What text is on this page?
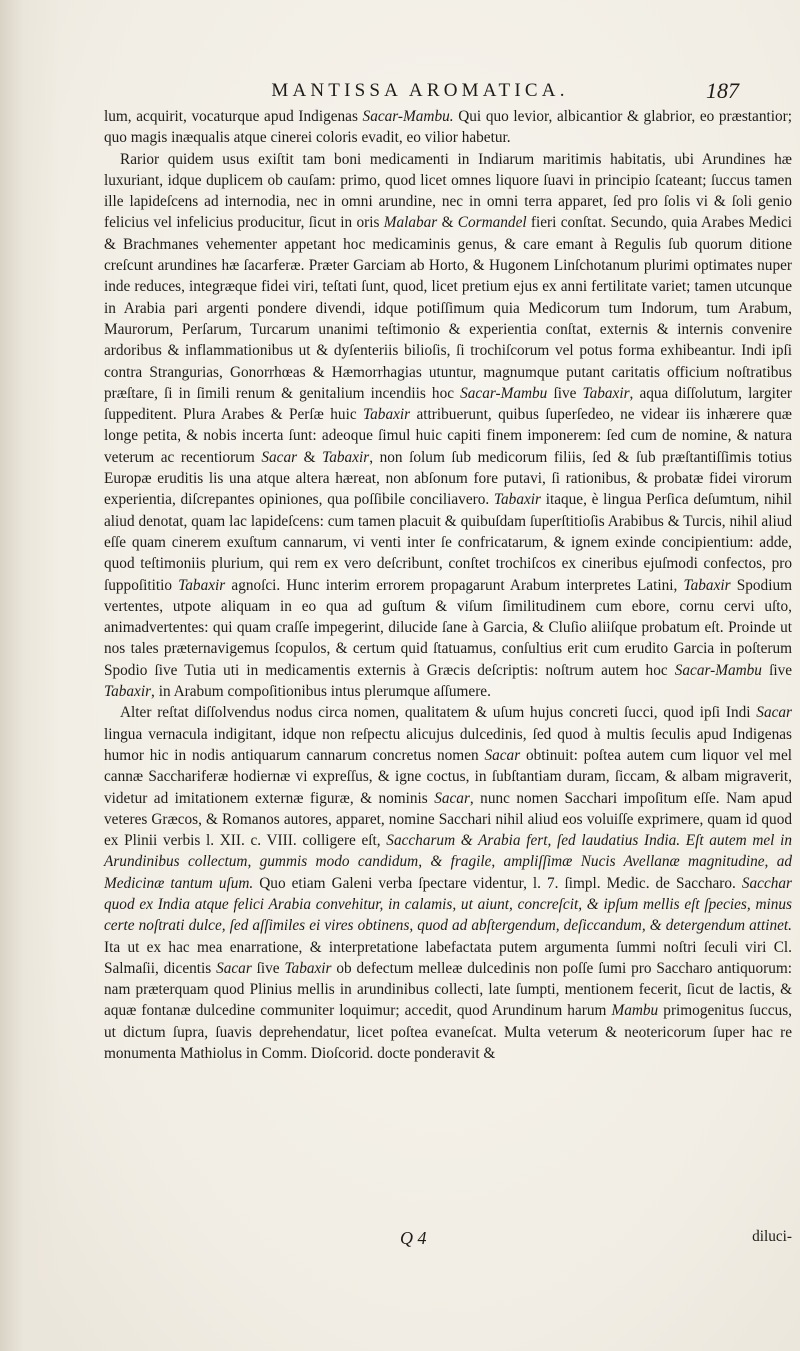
MANTISSA AROMATICA.	187

lum, acquirit, vocaturque apud Indigenas Sacar-Mambu. Qui quo levior, albicantior & glabrior, eo præstantior; quo magis inæqualis atque cinerei coloris evadit, eo vilior habetur.

Rarior quidem usus exiſtit tam boni medicamenti in Indiarum maritimis habitatis, ubi Arundines hæ luxuriant, idque duplicem ob cauſam: primo, quod licet omnes liquore ſuavi in principio ſcateant; ſuccus tamen ille lapideſcens ad internodia, nec in omni arundine, nec in omni terra apparet, ſed pro ſolis vi & ſoli genio felicius vel infelicius producitur, ſicut in oris Malabar & Cormandel fieri conſtat. Secundo, quia Arabes Medici & Brachmanes vehementer appetant hoc medicaminis genus, & care emant à Regulis ſub quorum ditione creſcunt arundines hæ ſacarferæ. Præter Garciam ab Horto, & Hugonem Linſchotanum plurimi optimates nuper inde reduces, integræque fidei viri, teſtati ſunt, quod, licet pretium ejus ex anni fertilitate variet; tamen utcunque in Arabia pari argenti pondere divendi, idque potiſſimum quia Medicorum tum Indorum, tum Arabum, Maurorum, Perſarum, Turcarum unanimi teſtimonio & experientia conſtat, externis & internis convenire ardoribus & inflammationibus ut & dyſenteriis bilioſis, ſi trochiſcorum vel potus forma exhibeantur. Indi ipſi contra Strangurias, Gonorrhœas & Hæmorrhagias utuntur, magnumque putant caritatis officium noſtratibus præſtare, ſi in ſimili renum & genitalium incendiis hoc Sacar-Mambu ſive Tabaxir, aqua diſſolutum, largiter ſuppeditent. Plura Arabes & Perſæ huic Tabaxir attribuerunt, quibus ſuperſedeo, ne videar iis inhærere quæ longe petita, & nobis incerta ſunt: adeoque ſimul huic capiti finem imponerem: ſed cum de nomine, & natura veterum ac recentiorum Sacar & Tabaxir, non ſolum ſub medicorum filiis, ſed & ſub præſtantiſſimis totius Europæ eruditis lis una atque altera hæreat, non abſonum fore putavi, ſi rationibus, & probatæ fidei virorum experientia, diſcrepantes opiniones, qua poſſibile conciliavero. Tabaxir itaque, è lingua Perſica deſumtum, nihil aliud denotat, quam lac lapideſcens: cum tamen placuit & quibuſdam ſuperſtitioſis Arabibus & Turcis, nihil aliud eſſe quam cinerem exuſtum cannarum, vi venti inter ſe confricatarum, & ignem exinde concipientium: adde, quod teſtimoniis plurium, qui rem ex vero deſcribunt, conſtet trochiſcos ex cineribus ejuſmodi confectos, pro ſuppoſititio Tabaxir agnoſci. Hunc interim errorem propagarunt Arabum interpretes Latini, Tabaxir Spodium vertentes, utpote aliquam in eo qua ad guſtum & viſum ſimilitudinem cum ebore, cornu cervi uſto, animadvertentes: qui quam craſſe impegerint, dilucide ſane à Garcia, & Cluſio aliiſque probatum eſt. Proinde ut nos tales præternavigemus ſcopulos, & certum quid ſtatuamus, conſultius erit cum erudito Garcia in poſterum Spodio ſive Tutia uti in medicamentis externis à Græcis deſcriptis: noſtrum autem hoc Sacar-Mambu ſive Tabaxir, in Arabum compoſitionibus intus plerumque aſſumere.

Alter reſtat diſſolvendus nodus circa nomen, qualitatem & uſum hujus concreti ſucci, quod ipſi Indi Sacar lingua vernacula indigitant, idque non reſpectu alicujus dulcedinis, ſed quod à multis ſeculis apud Indigenas humor hic in nodis antiquarum cannarum concretus nomen Sacar obtinuit: poſtea autem cum liquor vel mel cannæ Sacchariferæ hodiernæ vi expreſſus, & igne coctus, in ſubſtantiam duram, ſiccam, & albam migraverit, videtur ad imitationem externæ figuræ, & nominis Sacar, nunc nomen Sacchari impoſitum eſſe. Nam apud veteres Græcos, & Romanos autores, apparet, nomine Sacchari nihil aliud eos voluiſſe exprimere, quam id quod ex Plinii verbis l. XII. c. VIII. colligere eſt, Saccharum & Arabia fert, ſed laudatius India. Eſt autem mel in Arundinibus collectum, gummis modo candidum, & fragile, ampliſſimæ Nucis Avellanæ magnitudine, ad Medicinæ tantum uſum. Quo etiam Galeni verba ſpectare videntur, l. 7. ſimpl. Medic. de Saccharo. Sacchar quod ex India atque felici Arabia convehitur, in calamis, ut aiunt, concreſcit, & ipſum mellis eſt ſpecies, minus certe noſtrati dulce, ſed aſſimiles ei vires obtinens, quod ad abſtergendum, deſiccandum, & detergendum attinet. Ita ut ex hac mea enarratione, & interpretatione labefactata putem argumenta ſummi noſtri ſeculi viri Cl. Salmaſii, dicentis Sacar ſive Tabaxir ob defectum melleæ dulcedinis non poſſe ſumi pro Saccharo antiquorum: nam præterquam quod Plinius mellis in arundinibus collecti, late ſumpti, mentionem fecerit, ſicut de lactis, & aquæ fontanæ dulcedine communiter loquimur; accedit, quod Arundinum harum Mambu primogenitus ſuccus, ut dictum ſupra, ſuavis deprehendatur, licet poſtea evaneſcat. Multa veterum & neotericorum ſuper hac re monumenta Mathiolus in Comm. Dioſcorid. docte ponderavit &

Q 4	diluci-
